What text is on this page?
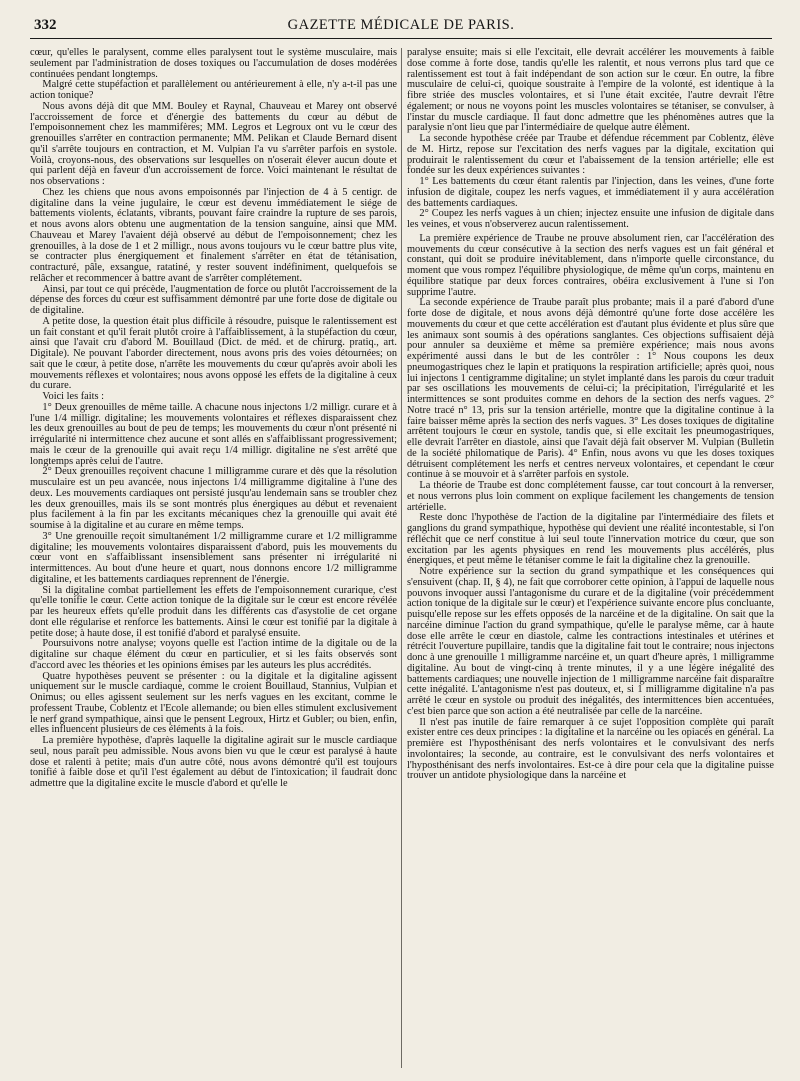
332	GAZETTE MÉDICALE DE PARIS.

cœur, qu'elles le paralysent, comme elles paralysent tout le système musculaire, mais seulement par l'administration de doses toxiques ou l'accumulation de doses modérées continuées pendant longtemps.

Malgré cette stupéfaction et parallèlement ou antérieurement à elle, n'y a-t-il pas une action tonique?

Nous avons déjà dit que MM. Bouley et Raynal, Chauveau et Marey ont observé l'accroissement de force et d'énergie des battements du cœur au début de l'empoisonnement chez les mammifères; MM. Legros et Legroux ont vu le cœur des grenouilles s'arrêter en contraction permanente; MM. Pelikan et Claude Bernard disent qu'il s'arrête toujours en contraction, et M. Vulpian l'a vu s'arrêter parfois en systole. Voilà, croyons-nous, des observations sur lesquelles on n'oserait élever aucun doute et qui parlent déjà en faveur d'un accroissement de force. Voici maintenant le résultat de nos observations :

Chez les chiens que nous avons empoisonnés par l'injection de 4 à 5 centigr. de digitaline dans la veine jugulaire, le cœur est devenu immédiatement le siége de battements violents, éclatants, vibrants, pouvant faire craindre la rupture de ses parois, et nous avons alors obtenu une augmentation de la tension sanguine, ainsi que MM. Chauveau et Marey l'avaient déjà observé au début de l'empoisonnement; chez les grenouilles, à la dose de 1 et 2 milligr., nous avons toujours vu le cœur battre plus vite, se contracter plus énergiquement et finalement s'arrêter en état de tétanisation, contracturé, pâle, exsangue, ratatiné, y rester souvent indéfiniment, quelquefois se relâcher et recommencer à battre avant de s'arrêter complétement.

Ainsi, par tout ce qui précède, l'augmentation de force ou plutôt l'accroissement de la dépense des forces du cœur est suffisamment démontré par une forte dose de digitale ou de digitaline.

A petite dose, la question était plus difficile à résoudre, puisque le ralentissement est un fait constant et qu'il ferait plutôt croire à l'affaiblissement, à la stupéfaction du cœur, ainsi que l'avait cru d'abord M. Bouillaud (Dict. de méd. et de chirurg. pratiq., art. Digitale). Ne pouvant l'aborder directement, nous avons pris des voies détournées; on sait que le cœur, à petite dose, n'arrête les mouvements du cœur qu'après avoir aboli les mouvements réflexes et volontaires; nous avons opposé les effets de la digitaline à ceux du curare.

Voici les faits :

1° Deux grenouilles de même taille. A chacune nous injectons 1/2 milligr. curare et à l'une 1/4 milligr. digitaline; les mouvements volontaires et réflexes disparaissent chez les deux grenouilles au bout de peu de temps; les mouvements du cœur n'ont présenté ni irrégularité ni intermittence chez aucune et sont allés en s'affaiblissant progressivement; mais le cœur de la grenouille qui avait reçu 1/4 milligr. digitaline ne s'est arrêté que longtemps après celui de l'autre.

2° Deux grenouilles reçoivent chacune 1 milligramme curare et dès que la résolution musculaire est un peu avancée, nous injectons 1/4 milligramme digitaline à l'une des deux. Les mouvements cardiaques ont persisté jusqu'au lendemain sans se troubler chez les deux grenouilles, mais ils se sont montrés plus énergiques au début et revenaient plus facilement à la fin par les excitants mécaniques chez la grenouille qui avait été soumise à la digitaline et au curare en même temps.

3° Une grenouille reçoit simultanément 1/2 milligramme curare et 1/2 milligramme digitaline; les mouvements volontaires disparaissent d'abord, puis les mouvements du cœur vont en s'affaiblissant insensiblement sans présenter ni irrégularité ni intermittences. Au bout d'une heure et quart, nous donnons encore 1/2 milligramme digitaline, et les battements cardiaques reprennent de l'énergie.

Si la digitaline combat partiellement les effets de l'empoisonnement curarique, c'est qu'elle tonifie le cœur. Cette action tonique de la digitale sur le cœur est encore révélée par les heureux effets qu'elle produit dans les différents cas d'asystolie de cet organe dont elle régularise et renforce les battements. Ainsi le cœur est tonifié par la digitale à petite dose; à haute dose, il est tonifié d'abord et paralysé ensuite.

Poursuivons notre analyse; voyons quelle est l'action intime de la digitale ou de la digitaline sur chaque élément du cœur en particulier, et si les faits observés sont d'accord avec les théories et les opinions émises par les auteurs les plus accrédités.

Quatre hypothèses peuvent se présenter : ou la digitale et la digitaline agissent uniquement sur le muscle cardiaque, comme le croient Bouillaud, Stannius, Vulpian et Onimus; ou elles agissent seulement sur les nerfs vagues en les excitant, comme le professent Traube, Coblentz et l'Ecole allemande; ou bien elles stimulent exclusivement le nerf grand sympathique, ainsi que le pensent Legroux, Hirtz et Gubler; ou bien, enfin, elles influencent plusieurs de ces éléments à la fois.

La première hypothèse, d'après laquelle la digitaline agirait sur le muscle cardiaque seul, nous paraît peu admissible. Nous avons bien vu que le cœur est paralysé à haute dose et ralenti à petite; mais d'un autre côté, nous avons démontré qu'il est toujours tonifié à faible dose et qu'il l'est également au début de l'intoxication; il faudrait donc admettre que la digitaline excite le muscle d'abord et qu'elle le

paralyse ensuite; mais si elle l'excitait, elle devrait accélérer les mouvements à faible dose comme à forte dose, tandis qu'elle les ralentit, et nous verrons plus tard que ce ralentissement est tout à fait indépendant de son action sur le cœur. En outre, la fibre musculaire de celui-ci, quoique soustraite à l'empire de la volonté, est identique à la fibre striée des muscles volontaires, et si l'une était excitée, l'autre devrait l'être également; or nous ne voyons point les muscles volontaires se tétaniser, se convulser, à l'instar du muscle cardiaque. Il faut donc admettre que les phénomènes autres que la paralysie n'ont lieu que par l'intermédiaire de quelque autre élément.

La seconde hypothèse créée par Traube et défendue récemment par Coblentz, élève de M. Hirtz, repose sur l'excitation des nerfs vagues par la digitale, excitation qui produirait le ralentissement du cœur et l'abaissement de la tension artérielle; elle est fondée sur les deux expériences suivantes :

1° Les battements du cœur étant ralentis par l'injection, dans les veines, d'une forte infusion de digitale, coupez les nerfs vagues, et immédiatement il y aura accélération des battements cardiaques.

2° Coupez les nerfs vagues à un chien; injectez ensuite une infusion de digitale dans les veines, et vous n'observerez aucun ralentissement.

La première expérience de Traube ne prouve absolument rien, car l'accélération des mouvements du cœur consécutive à la section des nerfs vagues est un fait général et constant, qui doit se produire inévitablement, dans n'importe quelle circonstance, du moment que vous rompez l'équilibre physiologique, de même qu'un corps, maintenu en équilibre statique par deux forces contraires, obéira exclusivement à l'une si l'on supprime l'autre.

La seconde expérience de Traube paraît plus probante; mais il a paré d'abord d'une forte dose de digitale, et nous avons déjà démontré qu'une forte dose accélère les mouvements du cœur et que cette accélération est d'autant plus évidente et plus sûre que les animaux sont soumis à des opérations sanglantes. Ces objections suffisaient déjà pour annuler sa deuxième et même sa première expérience; mais nous avons expérimenté aussi dans le but de les contrôler : 1° Nous coupons les deux pneumogastriques chez le lapin et pratiquons la respiration artificielle; après quoi, nous lui injectons 1 centigramme digitaline; un stylet implanté dans les parois du cœur traduit par ses oscillations les mouvements de celui-ci; la précipitation, l'irrégularité et les intermittences se sont produites comme en dehors de la section des nerfs vagues. 2° Notre tracé n° 13, pris sur la tension artérielle, montre que la digitaline continue à la faire baisser même après la section des nerfs vagues. 3° Les doses toxiques de digitaline arrêtent toujours le cœur en systole, tandis que, si elle excitait les pneumogastriques, elle devrait l'arrêter en diastole, ainsi que l'avait déjà fait observer M. Vulpian (Bulletin de la société philomatique de Paris). 4° Enfin, nous avons vu que les doses toxiques détruisent complétement les nerfs et centres nerveux volontaires, et cependant le cœur continue à se mouvoir et à s'arrêter parfois en systole.

La théorie de Traube est donc complétement fausse, car tout concourt à la renverser, et nous verrons plus loin comment on explique facilement les changements de tension artérielle.

Reste donc l'hypothèse de l'action de la digitaline par l'intermédiaire des filets et ganglions du grand sympathique, hypothèse qui devient une réalité incontestable, si l'on réfléchit que ce nerf constitue à lui seul toute l'innervation motrice du cœur, que son excitation par les agents physiques en rend les mouvements plus accélérés, plus énergiques, et peut même le tétaniser comme le fait la digitaline chez la grenouille.

Notre expérience sur la section du grand sympathique et les conséquences qui s'ensuivent (chap. II, § 4), ne fait que corroborer cette opinion, à l'appui de laquelle nous pouvons invoquer aussi l'antagonisme du curare et de la digitaline (voir précédemment action tonique de la digitale sur le cœur) et l'expérience suivante encore plus concluante, puisqu'elle repose sur les effets opposés de la narcéine et de la digitaline. On sait que la narcéine diminue l'action du grand sympathique, qu'elle le paralyse même, car à haute dose elle arrête le cœur en diastole, calme les contractions intestinales et utérines et rétrécit l'ouverture pupillaire, tandis que la digitaline fait tout le contraire; nous injectons donc à une grenouille 1 milligramme narcéine et, un quart d'heure après, 1 milligramme digitaline. Au bout de vingt-cinq à trente minutes, il y a une légère inégalité des battements cardiaques; une nouvelle injection de 1 milligramme narcéine fait disparaître cette inégalité. L'antagonisme n'est pas douteux, et, si 1 milligramme digitaline n'a pas arrêté le cœur en systole ou produit des inégalités, des intermittences bien accentuées, c'est bien parce que son action a été neutralisée par celle de la narcéine.

Il n'est pas inutile de faire remarquer à ce sujet l'opposition complète qui paraît exister entre ces deux principes : la digitaline et la narcéine ou les opiacés en général. La première est l'hyposthénisant des nerfs volontaires et le convulsivant des nerfs involontaires; la seconde, au contraire, est le convulsivant des nerfs volontaires et l'hyposthénisant des nerfs involontaires. Est-ce à dire pour cela que la digitaline puisse trouver un antidote physiologique dans la narcéine et
